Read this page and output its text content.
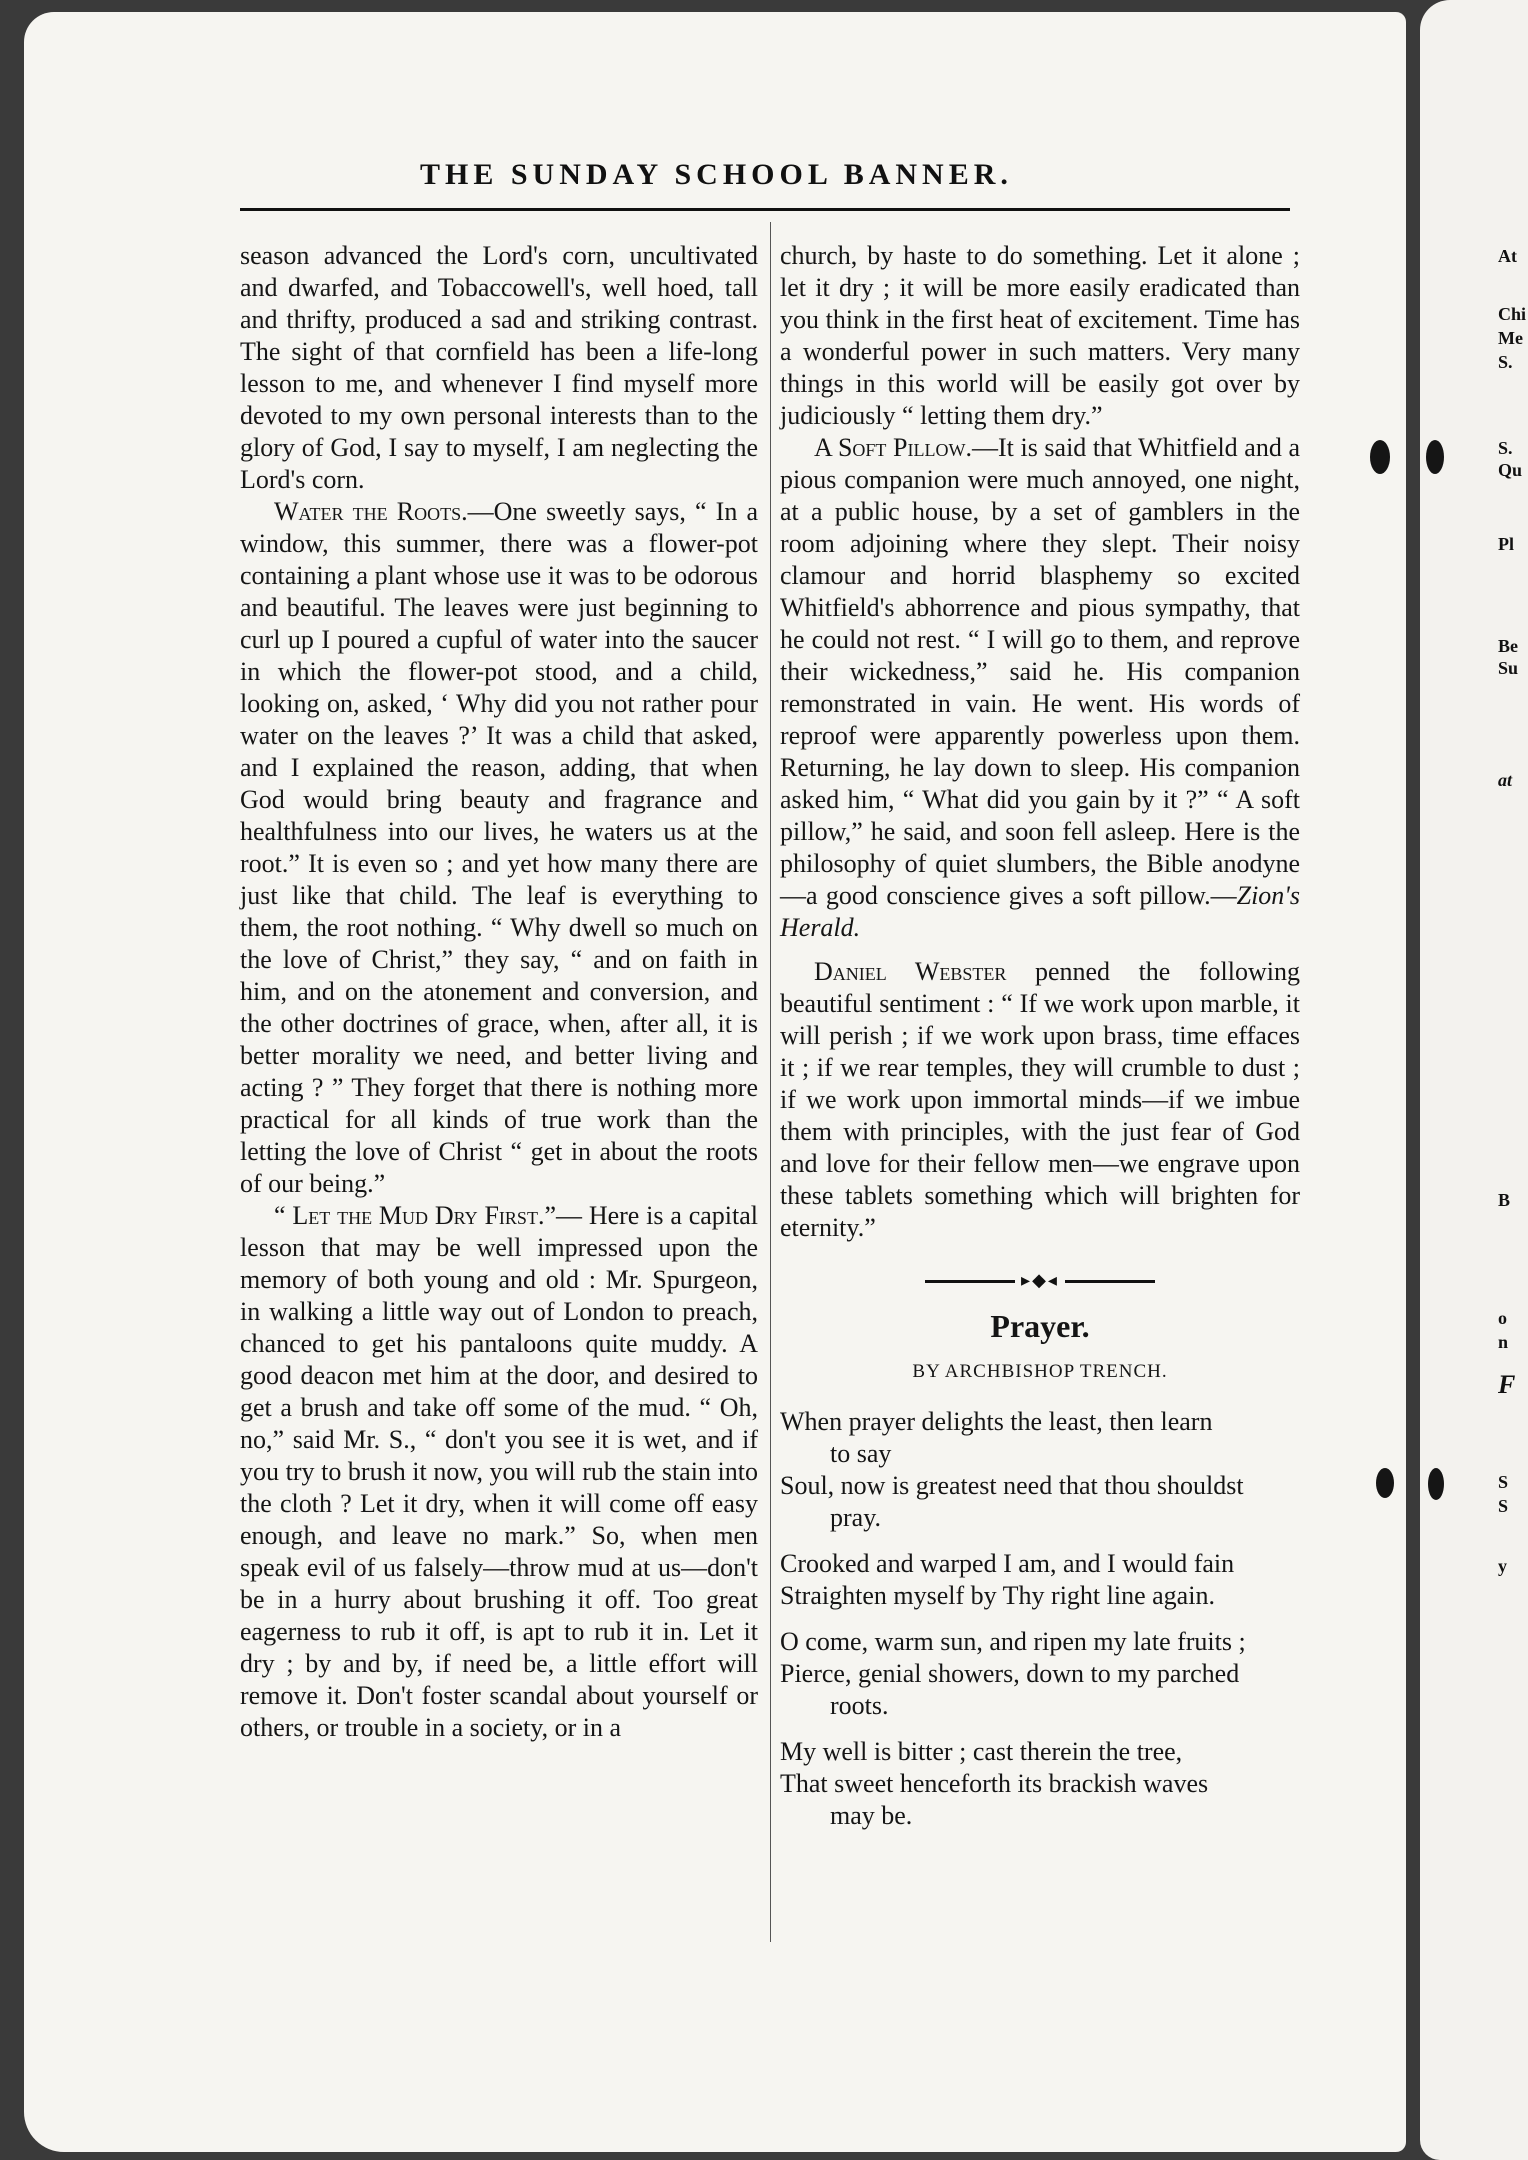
THE SUNDAY SCHOOL BANNER.

season advanced the Lord's corn, uncultivated and dwarfed, and Tobaccowell's, well hoed, tall and thrifty, produced a sad and striking contrast. The sight of that cornfield has been a life-long lesson to me, and whenever I find myself more devoted to my own personal interests than to the glory of God, I say to myself, I am neglecting the Lord's corn.

Water the Roots.—One sweetly says, “ In a window, this summer, there was a flower-pot containing a plant whose use it was to be odorous and beautiful. The leaves were just beginning to curl up I poured a cupful of water into the saucer in which the flower-pot stood, and a child, looking on, asked, ‘ Why did you not rather pour water on the leaves ?’ It was a child that asked, and I explained the reason, adding, that when God would bring beauty and fragrance and healthfulness into our lives, he waters us at the root.” It is even so ; and yet how many there are just like that child. The leaf is everything to them, the root nothing. “ Why dwell so much on the love of Christ,” they say, “ and on faith in him, and on the atonement and conversion, and the other doctrines of grace, when, after all, it is better morality we need, and better living and acting ? ” They forget that there is nothing more practical for all kinds of true work than the letting the love of Christ “ get in about the roots of our being.”

“ Let the Mud Dry First.”— Here is a capital lesson that may be well impressed upon the memory of both young and old : Mr. Spurgeon, in walking a little way out of London to preach, chanced to get his pantaloons quite muddy. A good deacon met him at the door, and desired to get a brush and take off some of the mud. “ Oh, no,” said Mr. S., “ don't you see it is wet, and if you try to brush it now, you will rub the stain into the cloth ? Let it dry, when it will come off easy enough, and leave no mark.” So, when men speak evil of us falsely—throw mud at us—don't be in a hurry about brushing it off. Too great eagerness to rub it off, is apt to rub it in. Let it dry ; by and by, if need be, a little effort will remove it. Don't foster scandal about yourself or others, or trouble in a society, or in a

church, by haste to do something. Let it alone ; let it dry ; it will be more easily eradicated than you think in the first heat of excitement. Time has a wonderful power in such matters. Very many things in this world will be easily got over by judiciously “ letting them dry.”

A Soft Pillow.—It is said that Whitfield and a pious companion were much annoyed, one night, at a public house, by a set of gamblers in the room adjoining where they slept. Their noisy clamour and horrid blasphemy so excited Whitfield's abhorrence and pious sympathy, that he could not rest. “ I will go to them, and reprove their wickedness,” said he. His companion remonstrated in vain. He went. His words of reproof were apparently powerless upon them. Returning, he lay down to sleep. His companion asked him, “ What did you gain by it ?” “ A soft pillow,” he said, and soon fell asleep. Here is the philosophy of quiet slumbers, the Bible anodyne—a good conscience gives a soft pillow.—Zion's Herald.

Daniel Webster penned the following beautiful sentiment : “ If we work upon marble, it will perish ; if we work upon brass, time effaces it ; if we rear temples, they will crumble to dust ; if we work upon immortal minds—if we imbue them with principles, with the just fear of God and love for their fellow men—we engrave upon these tablets something which will brighten for eternity.”

▸◆◂
Prayer.
BY ARCHBISHOP TRENCH.
When prayer delights the least, then learn
to say
Soul, now is greatest need that thou shouldst
pray.
Crooked and warped I am, and I would fain
Straighten myself by Thy right line again.
O come, warm sun, and ripen my late fruits ;
Pierce, genial showers, down to my parched
roots.
My well is bitter ; cast therein the tree,
That sweet henceforth its brackish waves
may be.
At
Chi
Me
S.
S.
Qu
Pl
Be
Su
at
B
o
n
F
S
S
y
